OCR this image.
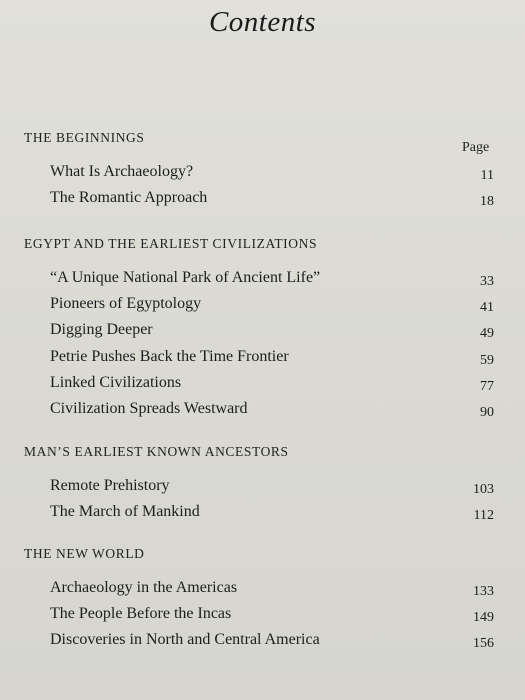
Contents
Page
THE BEGINNINGS
What Is Archaeology?	11
The Romantic Approach	18
EGYPT AND THE EARLIEST CIVILIZATIONS
“A Unique National Park of Ancient Life”	33
Pioneers of Egyptology	41
Digging Deeper	49
Petrie Pushes Back the Time Frontier	59
Linked Civilizations	77
Civilization Spreads Westward	90
MAN’S EARLIEST KNOWN ANCESTORS
Remote Prehistory	103
The March of Mankind	112
THE NEW WORLD
Archaeology in the Americas	133
The People Before the Incas	149
Discoveries in North and Central America	156
